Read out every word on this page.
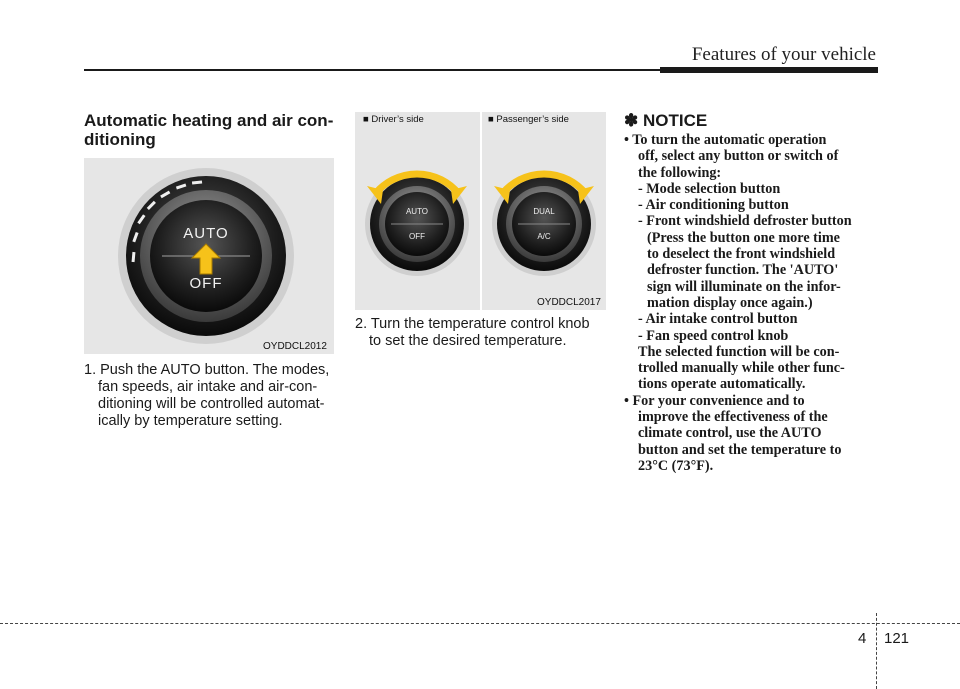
Features of your vehicle
Automatic heating and air con-
ditioning
AUTO
OFF
OYDDCL2012
1. Push the AUTO button. The modes,
fan speeds, air intake and air-con-
ditioning will be controlled automat-
ically by temperature setting.
AUTO
OFF
DUAL
A/C
■ Driver’s side	■ Passenger’s side
OYDDCL2017
2. Turn the temperature control knob
to set the desired temperature.
✽ NOTICE
• To turn the automatic operation
off, select any button or switch of
the following:
- Mode selection button
- Air conditioning button
- Front windshield defroster button
(Press the button one more time
to deselect the front windshield
defroster function. The 'AUTO'
sign will illuminate on the infor-
mation display once again.)
- Air intake control button
- Fan speed control knob
The selected function will be con-
trolled manually while other func-
tions operate automatically.
• For your convenience and to
improve the effectiveness of the
climate control, use the AUTO
button and set the temperature to
23°C (73°F).
4 121
